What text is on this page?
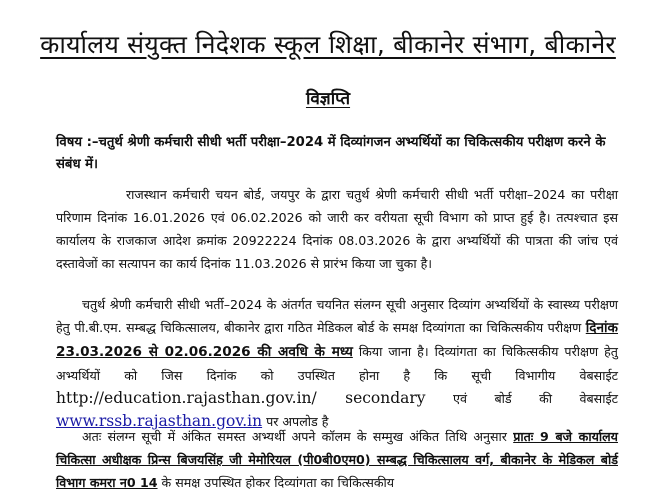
कार्यालय संयुक्त निदेशक स्कूल शिक्षा, बीकानेर संभाग, बीकानेर
विज्ञप्ति
विषय :–चतुर्थ श्रेणी कर्मचारी सीधी भर्ती परीक्षा–2024 में दिव्यांगजन अभ्यर्थियों का चिकित्सकीय परीक्षण करने के संबंध में।
राजस्थान कर्मचारी चयन बोर्ड, जयपुर के द्वारा चतुर्थ श्रेणी कर्मचारी सीधी भर्ती परीक्षा–2024 का परीक्षा परिणाम दिनांक 16.01.2026 एवं 06.02.2026 को जारी कर वरीयता सूची विभाग को प्राप्त हुई है। तत्पश्चात इस कार्यालय के राजकाज आदेश क्रमांक 20922224 दिनांक 08.03.2026 के द्वारा अभ्यर्थियों की पात्रता की जांच एवं दस्तावेजों का सत्यापन का कार्य दिनांक 11.03.2026 से प्रारंभ किया जा चुका है।
चतुर्थ श्रेणी कर्मचारी सीधी भर्ती–2024 के अंतर्गत चयनित संलग्न सूची अनुसार दिव्यांग अभ्यर्थियों के स्वास्थ्य परीक्षण हेतु पी.बी.एम. सम्बद्ध चिकित्सालय, बीकानेर द्वारा गठित मेडिकल बोर्ड के समक्ष दिव्यांगता का चिकित्सकीय परीक्षण दिनांक 23.03.2026 से 02.06.2026 की अवधि के मध्य किया जाना है। दिव्यांगता का चिकित्सकीय परीक्षण हेतु अभ्यर्थियों को जिस दिनांक को उपस्थित होना है कि सूची विभागीय वेबसाईट http://education.rajasthan.gov.in/ secondary एवं बोर्ड की वेबसाईट www.rssb.rajasthan.gov.in पर अपलोड है
अतः संलग्न सूची में अंकित समस्त अभ्यर्थी अपने कॉलम के सम्मुख अंकित तिथि अनुसार प्रातः 9 बजे कार्यालय चिकित्सा अधीक्षक प्रिन्स बिजयसिंह जी मेमोरियल (पी0बी0एम0) सम्बद्ध चिकित्सालय वर्ग, बीकानेर के मेडिकल बोर्ड विभाग कमरा न0 14 के समक्ष उपस्थित होकर दिव्यांगता का चिकित्सकीय
